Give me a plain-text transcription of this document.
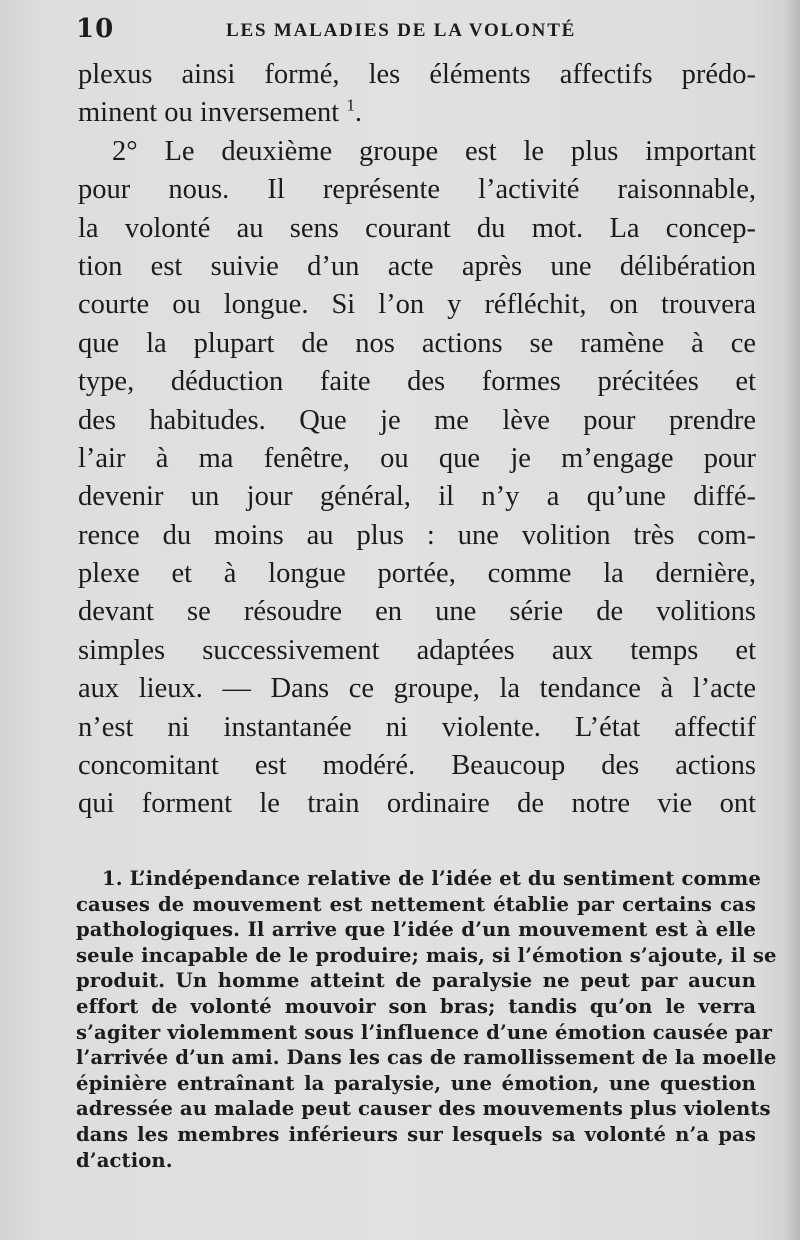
10	LES MALADIES DE LA VOLONTÉ
plexus ainsi formé, les éléments affectifs prédo-
minent ou inversement $^1$.
2° Le deuxième groupe est le plus important
pour nous. Il représente l’activité raisonnable,
la volonté au sens courant du mot. La concep-
tion est suivie d’un acte après une délibération
courte ou longue. Si l’on y réfléchit, on trouvera
que la plupart de nos actions se ramène à ce
type, déduction faite des formes précitées et
des habitudes. Que je me lève pour prendre
l’air à ma fenêtre, ou que je m’engage pour
devenir un jour général, il n’y a qu’une diffé-
rence du moins au plus : une volition très com-
plexe et à longue portée, comme la dernière,
devant se résoudre en une série de volitions
simples successivement adaptées aux temps et
aux lieux. — Dans ce groupe, la tendance à l’acte
n’est ni instantanée ni violente. L’état affectif
concomitant est modéré. Beaucoup des actions
qui forment le train ordinaire de notre vie ont
1. L’indépendance relative de l’idée et du sentiment comme
causes de mouvement est nettement établie par certains cas
pathologiques. Il arrive que l’idée d’un mouvement est à elle
seule incapable de le produire; mais, si l’émotion s’ajoute, il se
produit. Un homme atteint de paralysie ne peut par aucun
effort de volonté mouvoir son bras; tandis qu’on le verra
s’agiter violemment sous l’influence d’une émotion causée par
l’arrivée d’un ami. Dans les cas de ramollissement de la moelle
épinière entraînant la paralysie, une émotion, une question
adressée au malade peut causer des mouvements plus violents
dans les membres inférieurs sur lesquels sa volonté n’a pas
d’action.
